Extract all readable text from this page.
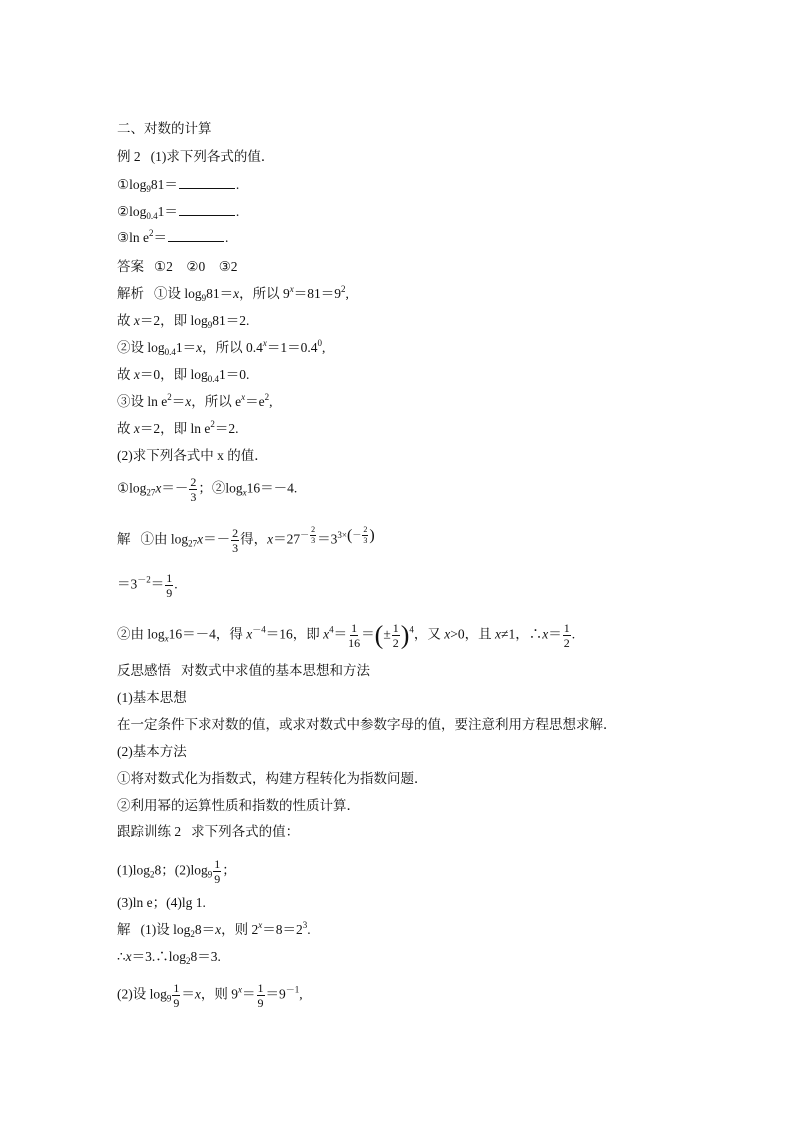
二、对数的计算
例 2 (1)求下列各式的值．
$①\log_981=$	.
$②\log_{0.4}1=$	.
③ln $e^2=$	.
答案 ①2　②0　③2
解析 ①设 $\log_981=x$，所以 $9^x=81=9^2$,
故 x＝2，即 $\log_981=2$.
②设 $\log_{0.4}1=x$，所以 $0.4^x=1=0.4^0$,
故 x＝0，即 $\log_{0.4}1=0$.
③设 $\ln e^2=x$，所以 $e^x=e^2$,
故 x＝2，即 $\ln e^2=2$.
(2)求下列各式中 x 的值．
$①\log_{27}x=- \frac{2}{3}$ ；$②\log_x16=-4$.
解 ①由 $\log_{27}x=- \frac{2}{3}$ 得，$x=27^{- \frac{2}{3}} =3^{3\times(- \frac{2}{3} )}$
$=3^{-2}= \frac{1}{9}$ .
②由 $\log_x16=-4$，得 $x^{-4}=16$，即 $x^4= \frac{1}{16}$ ＝(± $\frac{1}{2} )^4$，又 x>0，且 x≠1，∴x＝ $\frac{1}{2}$ .
反思感悟 对数式中求值的基本思想和方法
(1)基本思想
在一定条件下求对数的值，或求对数式中参数字母的值，要注意利用方程思想求解．
(2)基本方法
①将对数式化为指数式，构建方程转化为指数问题．
②利用幂的运算性质和指数的性质计算．
跟踪训练 2 求下列各式的值：
$(1)\log_28$；$(2)\log_9 \frac{1}{9}$ ；
(3)ln e；(4)lg 1.
解 (1)设 $\log_28=x$，则 $2^x=8=2^3$.
$\therefore x=3.\therefore\log_28=3$.
(2)设 $\log_9 \frac{1}{9} =x$，则 $9^x= \frac{1}{9} =9^{-1}$,
